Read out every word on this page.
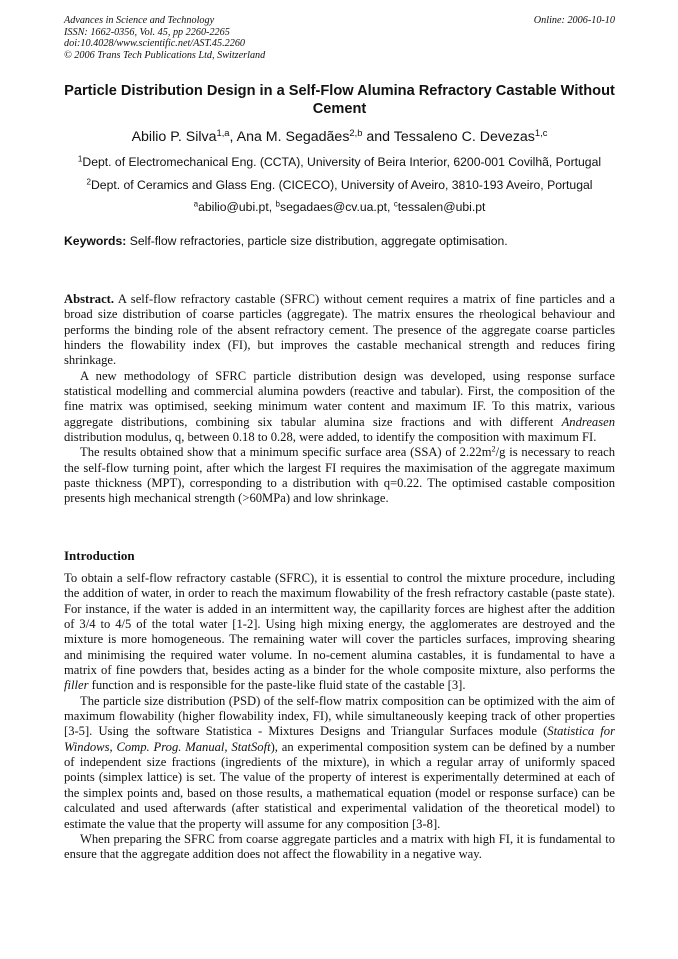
Advances in Science and Technology
ISSN: 1662-0356, Vol. 45, pp 2260-2265
doi:10.4028/www.scientific.net/AST.45.2260
© 2006 Trans Tech Publications Ltd, Switzerland
Online: 2006-10-10
Particle Distribution Design in a Self-Flow Alumina Refractory Castable Without Cement
Abilio P. Silva$^{1,a}$, Ana M. Segadães$^{2,b}$ and Tessaleno C. Devezas$^{1,c}$
$^1$Dept. of Electromechanical Eng. (CCTA), University of Beira Interior, 6200-001 Covilhã, Portugal
$^2$Dept. of Ceramics and Glass Eng. (CICECO), University of Aveiro, 3810-193 Aveiro, Portugal
$^a$abilio@ubi.pt, $^b$segadaes@cv.ua.pt, $^c$tessalen@ubi.pt
Keywords: Self-flow refractories, particle size distribution, aggregate optimisation.

Abstract. A self-flow refractory castable (SFRC) without cement requires a matrix of fine particles and a broad size distribution of coarse particles (aggregate). The matrix ensures the rheological behaviour and performs the binding role of the absent refractory cement. The presence of the aggregate coarse particles hinders the flowability index (FI), but improves the castable mechanical strength and reduces firing shrinkage.

A new methodology of SFRC particle distribution design was developed, using response surface statistical modelling and commercial alumina powders (reactive and tabular). First, the composition of the fine matrix was optimised, seeking minimum water content and maximum IF. To this matrix, various aggregate distributions, combining six tabular alumina size fractions and with different Andreasen distribution modulus, q, between 0.18 to 0.28, were added, to identify the composition with maximum FI.

The results obtained show that a minimum specific surface area (SSA) of $2.22m^2/g$ is necessary to reach the self-flow turning point, after which the largest FI requires the maximisation of the aggregate maximum paste thickness (MPT), corresponding to a distribution with q=0.22. The optimised castable composition presents high mechanical strength (>60MPa) and low shrinkage.

Introduction

To obtain a self-flow refractory castable (SFRC), it is essential to control the mixture procedure, including the addition of water, in order to reach the maximum flowability of the fresh refractory castable (paste state). For instance, if the water is added in an intermittent way, the capillarity forces are highest after the addition of 3/4 to 4/5 of the total water [1-2]. Using high mixing energy, the agglomerates are destroyed and the mixture is more homogeneous. The remaining water will cover the particles surfaces, improving shearing and minimising the required water volume. In no-cement alumina castables, it is fundamental to have a matrix of fine powders that, besides acting as a binder for the whole composite mixture, also performs the filler function and is responsible for the paste-like fluid state of the castable [3].

The particle size distribution (PSD) of the self-flow matrix composition can be optimized with the aim of maximum flowability (higher flowability index, FI), while simultaneously keeping track of other properties [3-5]. Using the software Statistica - Mixtures Designs and Triangular Surfaces module (Statistica for Windows, Comp. Prog. Manual, StatSoft), an experimental composition system can be defined by a number of independent size fractions (ingredients of the mixture), in which a regular array of uniformly spaced points (simplex lattice) is set. The value of the property of interest is experimentally determined at each of the simplex points and, based on those results, a mathematical equation (model or response surface) can be calculated and used afterwards (after statistical and experimental validation of the theoretical model) to estimate the value that the property will assume for any composition [3-8].

When preparing the SFRC from coarse aggregate particles and a matrix with high FI, it is fundamental to ensure that the aggregate addition does not affect the flowability in a negative way.
